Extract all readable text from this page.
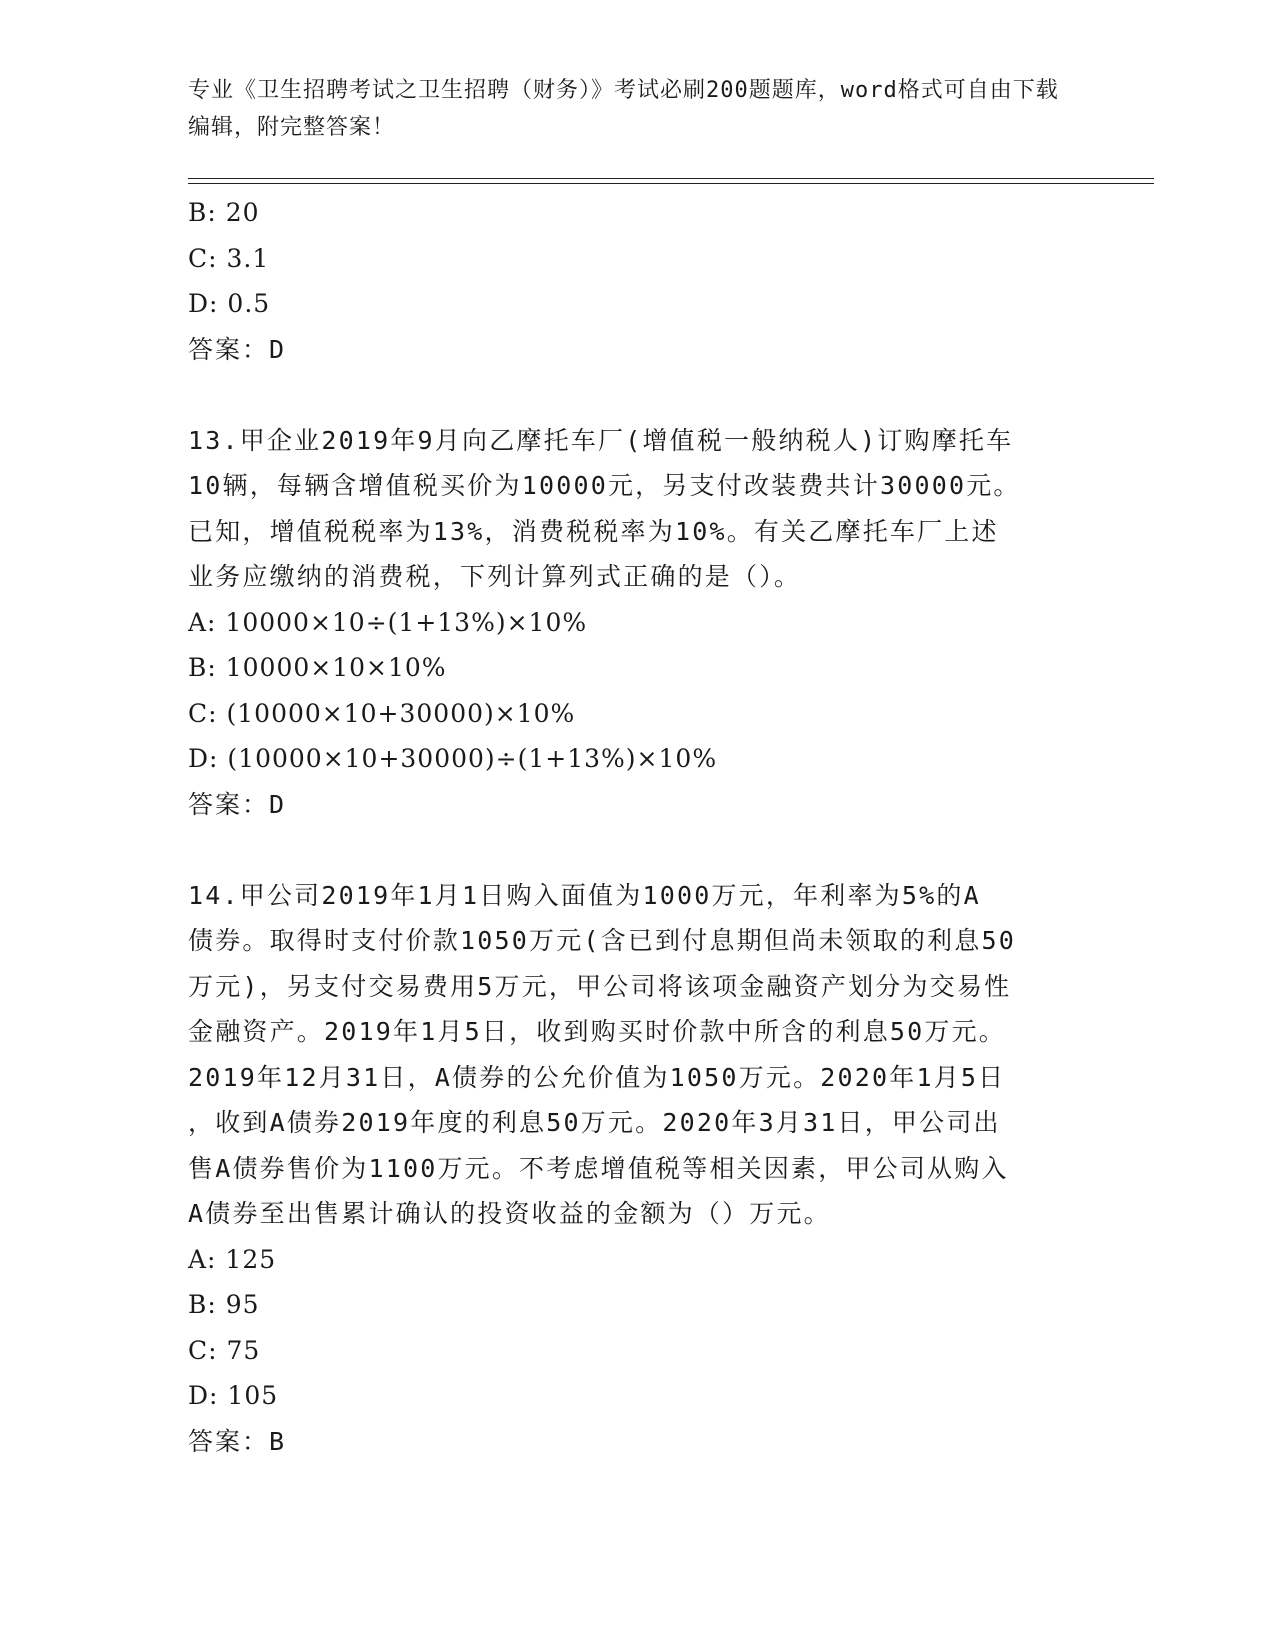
专业《卫生招聘考试之卫生招聘（财务）》考试必刷200题题库，word格式可自由下载编辑，附完整答案！
B: 20
C: 3.1
D: 0.5
答案：D
13.甲企业2019年9月向乙摩托车厂(增值税一般纳税人)订购摩托车
10辆，每辆含增值税买价为10000元，另支付改装费共计30000元。
已知，增值税税率为13%，消费税税率为10%。有关乙摩托车厂上述
业务应缴纳的消费税，下列计算列式正确的是（）。
A: 10000×10÷(1+13%)×10%
B: 10000×10×10%
C: (10000×10+30000)×10%
D: (10000×10+30000)÷(1+13%)×10%
答案：D
14.甲公司2019年1月1日购入面值为1000万元，年利率为5%的A
债券。取得时支付价款1050万元(含已到付息期但尚未领取的利息50
万元)，另支付交易费用5万元，甲公司将该项金融资产划分为交易性
金融资产。2019年1月5日，收到购买时价款中所含的利息50万元。
2019年12月31日，A债券的公允价值为1050万元。2020年1月5日
，收到A债券2019年度的利息50万元。2020年3月31日，甲公司出
售A债券售价为1100万元。不考虑增值税等相关因素，甲公司从购入
A债券至出售累计确认的投资收益的金额为（）万元。
A: 125
B: 95
C: 75
D: 105
答案：B
